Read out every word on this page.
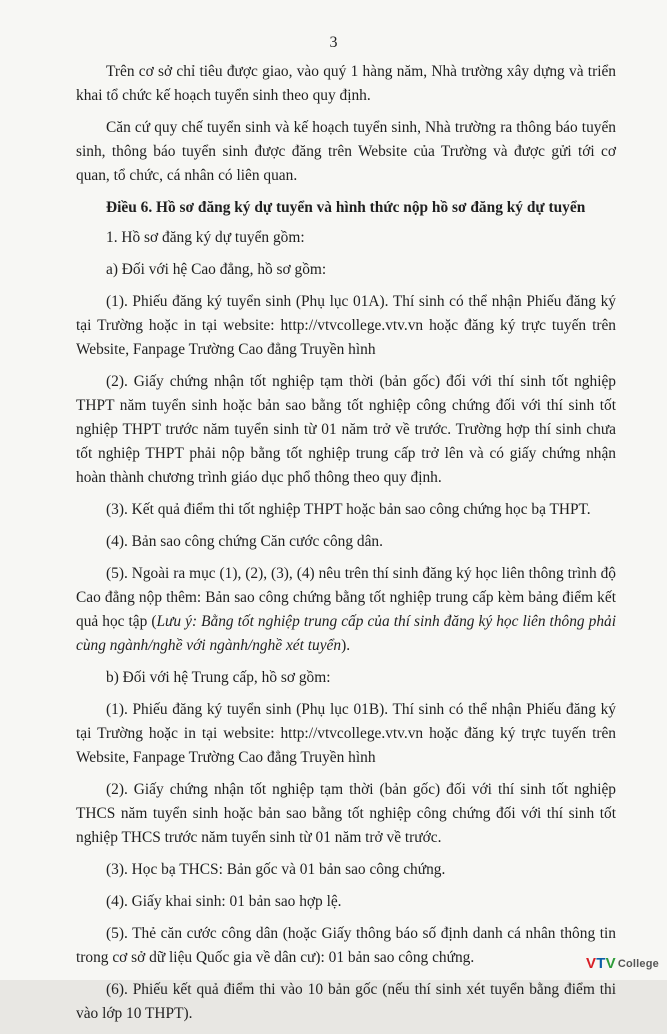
3

Trên cơ sở chỉ tiêu được giao, vào quý 1 hàng năm, Nhà trường xây dựng và triển khai tổ chức kế hoạch tuyển sinh theo quy định.

Căn cứ quy chế tuyển sinh và kế hoạch tuyển sinh, Nhà trường ra thông báo tuyển sinh, thông báo tuyển sinh được đăng trên Website của Trường và được gửi tới cơ quan, tổ chức, cá nhân có liên quan.

Điều 6. Hồ sơ đăng ký dự tuyển và hình thức nộp hồ sơ đăng ký dự tuyển

1. Hồ sơ đăng ký dự tuyển gồm:

a) Đối với hệ Cao đẳng, hồ sơ gồm:

(1). Phiếu đăng ký tuyển sinh (Phụ lục 01A). Thí sinh có thể nhận Phiếu đăng ký tại Trường hoặc in tại website: http://vtvcollege.vtv.vn hoặc đăng ký trực tuyến trên Website, Fanpage Trường Cao đẳng Truyền hình

(2). Giấy chứng nhận tốt nghiệp tạm thời (bản gốc) đối với thí sinh tốt nghiệp THPT năm tuyển sinh hoặc bản sao bằng tốt nghiệp công chứng đối với thí sinh tốt nghiệp THPT trước năm tuyển sinh từ 01 năm trở về trước. Trường hợp thí sinh chưa tốt nghiệp THPT phải nộp bằng tốt nghiệp trung cấp trở lên và có giấy chứng nhận hoàn thành chương trình giáo dục phổ thông theo quy định.

(3). Kết quả điểm thi tốt nghiệp THPT hoặc bản sao công chứng học bạ THPT.

(4). Bản sao công chứng Căn cước công dân.

(5). Ngoài ra mục (1), (2), (3), (4) nêu trên thí sinh đăng ký học liên thông trình độ Cao đẳng nộp thêm: Bản sao công chứng bằng tốt nghiệp trung cấp kèm bảng điểm kết quả học tập (Lưu ý: Bằng tốt nghiệp trung cấp của thí sinh đăng ký học liên thông phải cùng ngành/nghề với ngành/nghề xét tuyển).

b) Đối với hệ Trung cấp, hồ sơ gồm:

(1). Phiếu đăng ký tuyển sinh (Phụ lục 01B). Thí sinh có thể nhận Phiếu đăng ký tại Trường hoặc in tại website: http://vtvcollege.vtv.vn hoặc đăng ký trực tuyến trên Website, Fanpage Trường Cao đẳng Truyền hình

(2). Giấy chứng nhận tốt nghiệp tạm thời (bản gốc) đối với thí sinh tốt nghiệp THCS năm tuyển sinh hoặc bản sao bằng tốt nghiệp công chứng đối với thí sinh tốt nghiệp THCS trước năm tuyển sinh từ 01 năm trở về trước.

(3). Học bạ THCS: Bản gốc và 01 bản sao công chứng.

(4). Giấy khai sinh: 01 bản sao hợp lệ.

(5). Thẻ căn cước công dân (hoặc Giấy thông báo số định danh cá nhân thông tin trong cơ sở dữ liệu Quốc gia về dân cư): 01 bản sao công chứng.

(6). Phiếu kết quả điểm thi vào 10 bản gốc (nếu thí sinh xét tuyển bằng điểm thi vào lớp 10 THPT).

V T V College
